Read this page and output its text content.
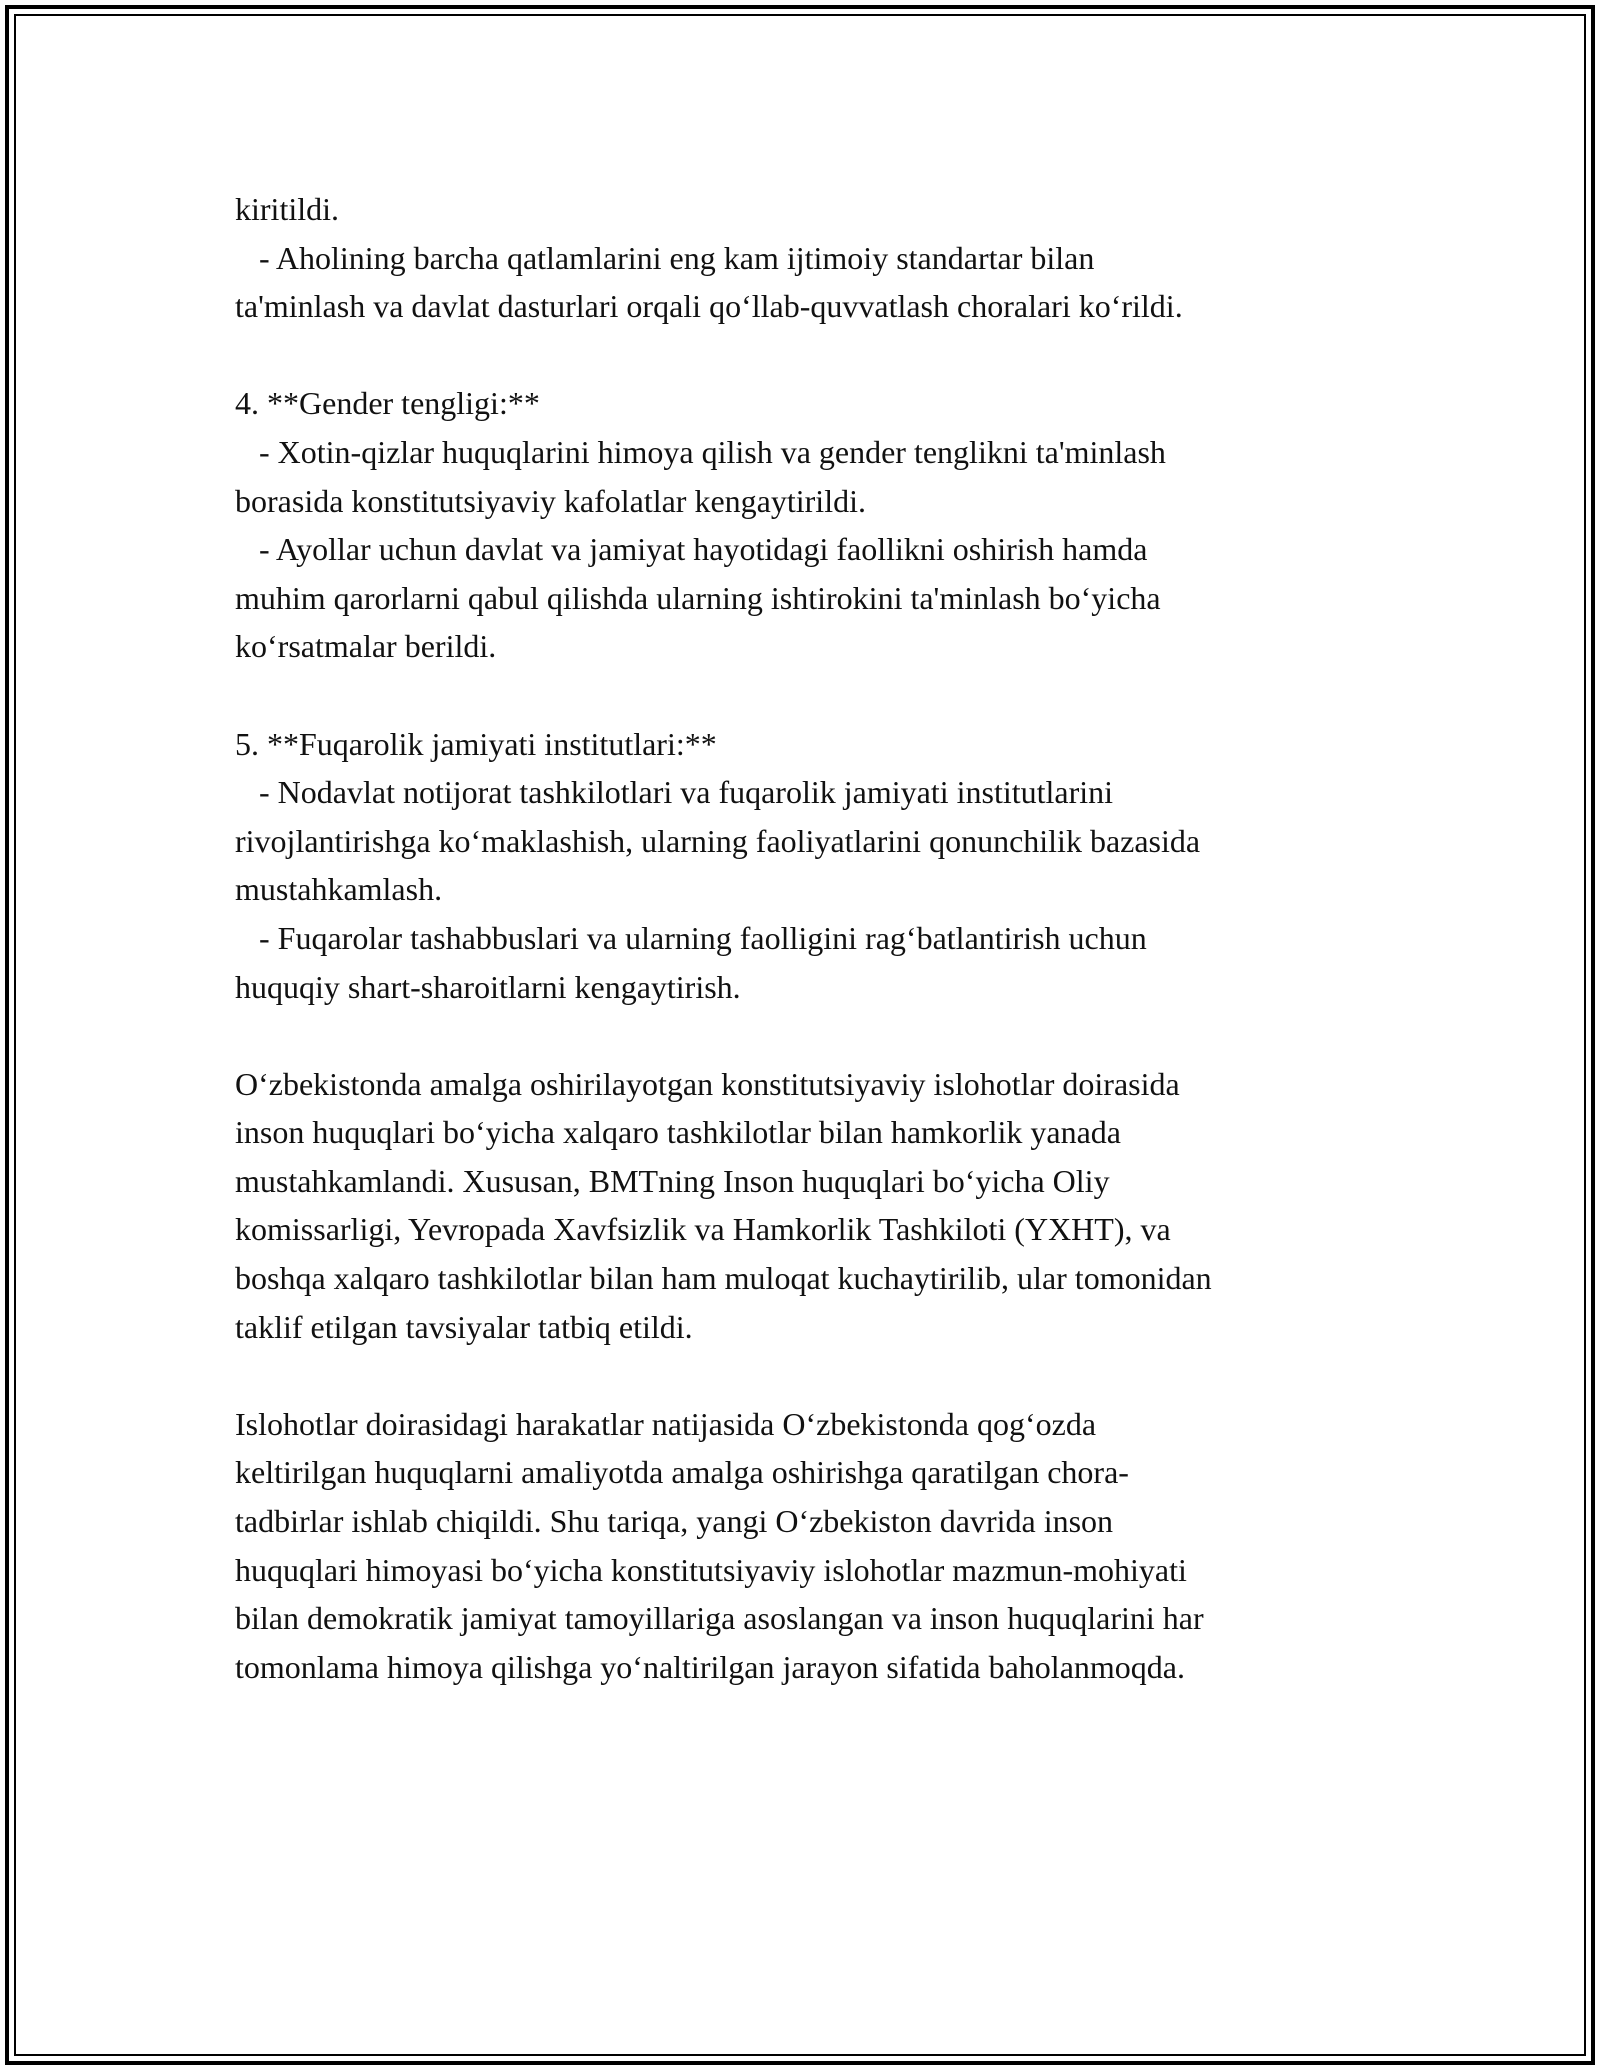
kiritildi.
- Aholining barcha qatlamlarini eng kam ijtimoiy standartar bilan
ta'minlash va davlat dasturlari orqali qo‘llab-quvvatlash choralari ko‘rildi.
4. **Gender tengligi:**
- Xotin-qizlar huquqlarini himoya qilish va gender tenglikni ta'minlash
borasida konstitutsiyaviy kafolatlar kengaytirildi.
- Ayollar uchun davlat va jamiyat hayotidagi faollikni oshirish hamda
muhim qarorlarni qabul qilishda ularning ishtirokini ta'minlash bo‘yicha
ko‘rsatmalar berildi.
5. **Fuqarolik jamiyati institutlari:**
- Nodavlat notijorat tashkilotlari va fuqarolik jamiyati institutlarini
rivojlantirishga ko‘maklashish, ularning faoliyatlarini qonunchilik bazasida
mustahkamlash.
- Fuqarolar tashabbuslari va ularning faolligini rag‘batlantirish uchun
huquqiy shart-sharoitlarni kengaytirish.
O‘zbekistonda amalga oshirilayotgan konstitutsiyaviy islohotlar doirasida
inson huquqlari bo‘yicha xalqaro tashkilotlar bilan hamkorlik yanada
mustahkamlandi. Xususan, BMTning Inson huquqlari bo‘yicha Oliy
komissarligi, Yevropada Xavfsizlik va Hamkorlik Tashkiloti (YXHT), va
boshqa xalqaro tashkilotlar bilan ham muloqat kuchaytirilib, ular tomonidan
taklif etilgan tavsiyalar tatbiq etildi.
Islohotlar doirasidagi harakatlar natijasida O‘zbekistonda qog‘ozda
keltirilgan huquqlarni amaliyotda amalga oshirishga qaratilgan chora-
tadbirlar ishlab chiqildi. Shu tariqa, yangi O‘zbekiston davrida inson
huquqlari himoyasi bo‘yicha konstitutsiyaviy islohotlar mazmun-mohiyati
bilan demokratik jamiyat tamoyillariga asoslangan va inson huquqlarini har
tomonlama himoya qilishga yo‘naltirilgan jarayon sifatida baholanmoqda.
